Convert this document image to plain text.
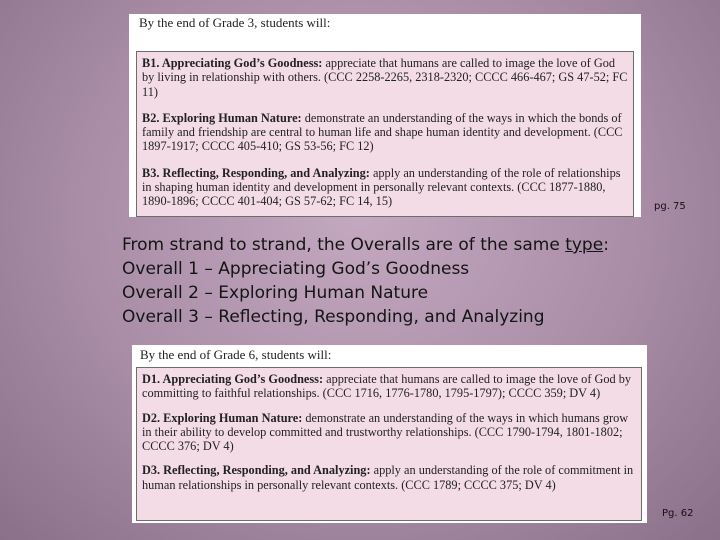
By the end of Grade 3, students will:
B1. Appreciating God’s Goodness: appreciate that humans are called to image the love of God by living in relationship with others. (CCC 2258-2265, 2318-2320; CCCC 466-467; GS 47-52; FC 11)
B2. Exploring Human Nature: demonstrate an understanding of the ways in which the bonds of family and friendship are central to human life and shape human identity and development. (CCC 1897-1917; CCCC 405-410; GS 53-56; FC 12)
B3. Reflecting, Responding, and Analyzing: apply an understanding of the role of relationships in shaping human identity and development in personally relevant contexts. (CCC 1877-1880, 1890-1896; CCCC 401-404; GS 57-62; FC 14, 15)	pg. 75
From strand to strand, the Overalls are of the same type:
Overall 1 – Appreciating God’s Goodness
Overall 2 – Exploring Human Nature
Overall 3 – Reflecting, Responding, and Analyzing
By the end of Grade 6, students will:
D1. Appreciating God’s Goodness: appreciate that humans are called to image the love of God by committing to faithful relationships. (CCC 1716, 1776-1780, 1795-1797); CCCC 359; DV 4)
D2. Exploring Human Nature: demonstrate an understanding of the ways in which humans grow in their ability to develop committed and trustworthy relationships. (CCC 1790-1794, 1801-1802; CCCC 376; DV 4)
D3. Reflecting, Responding, and Analyzing: apply an understanding of the role of commitment in human relationships in personally relevant contexts. (CCC 1789; CCCC 375; DV 4)
Pg. 62
